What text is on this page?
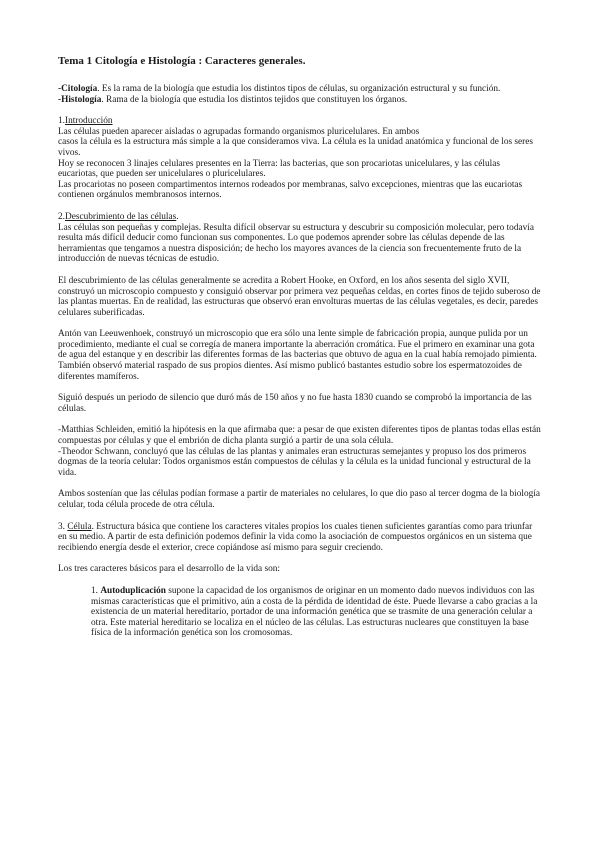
Tema 1 Citología e Histología : Caracteres generales.

-Citología. Es la rama de la biología que estudia los distintos tipos de células, su organización estructural y su función.

-Histología. Rama de la biología que estudia los distintos tejidos que constituyen los órganos.

1.Introducción

Las células pueden aparecer aisladas o agrupadas formando organismos pluricelulares. En ambos
casos la célula es la estructura más simple a la que consideramos viva. La célula es la unidad anatómica y funcional de los seres vivos.

Hoy se reconocen 3 linajes celulares presentes en la Tierra: las bacterias, que son procariotas unicelulares, y las células eucariotas, que pueden ser unicelulares o pluricelulares.

Las procariotas no poseen compartimentos internos rodeados por membranas, salvo excepciones, mientras que las eucariotas contienen orgánulos membranosos internos.

2.Descubrimiento de las células.

Las células son pequeñas y complejas. Resulta difícil observar su estructura y descubrir su composición molecular, pero todavía resulta más difícil deducir como funcionan sus componentes. Lo que podemos aprender sobre las células depende de las herramientas que tengamos a nuestra disposición; de hecho los mayores avances de la ciencia son frecuentemente fruto de la introducción de nuevas técnicas de estudio.

El descubrimiento de las células generalmente se acredita a Robert Hooke, en Oxford, en los años sesenta del siglo XVII, construyó un microscopio compuesto y consiguió observar por primera vez pequeñas celdas, en cortes finos de tejido suberoso de las plantas muertas. En de realidad, las estructuras que observó eran envolturas muertas de las células vegetales, es decir, paredes celulares suberificadas.

Antón van Leeuwenhoek, construyó un microscopio que era sólo una lente simple de fabricación propia, aunque pulida por un procedimiento, mediante el cual se corregía de manera importante la aberración cromática. Fue el primero en examinar una gota de agua del estanque y en describir las diferentes formas de las bacterias que obtuvo de agua en la cual había remojado pimienta. También observó material raspado de sus propios dientes. Así mismo publicó bastantes estudio sobre los espermatozoides de diferentes mamíferos.

Siguió después un periodo de silencio que duró más de 150 años y no fue hasta 1830 cuando se comprobó la importancia de las células.

-Matthias Schleiden, emitió la hipótesis en la que afirmaba que: a pesar de que existen diferentes tipos de plantas todas ellas están compuestas por células y que el embrión de dicha planta surgió a partir de una sola célula.

-Theodor Schwann, concluyó que las células de las plantas y animales eran estructuras semejantes y propuso los dos primeros dogmas de la teoría celular: Todos organismos están compuestos de células y la célula es la unidad funcional y estructural de la vida.

Ambos sostenían que las células podían formase a partir de materiales no celulares, lo que dio paso al tercer dogma de la biología celular, toda célula procede de otra célula.

3. Célula. Estructura básica que contiene los caracteres vitales propios los cuales tienen suficientes garantías como para triunfar en su medio. A partir de esta definición podemos definir la vida como la asociación de compuestos orgánicos en un sistema que recibiendo energía desde el exterior, crece copiándose así mismo para seguir creciendo.

Los tres caracteres básicos para el desarrollo de la vida son:

1. Autoduplicación supone la capacidad de los organismos de originar en un momento dado nuevos individuos con las mismas características que el primitivo, aún a costa de la pérdida de identidad de éste. Puede llevarse a cabo gracias a la existencia de un material hereditario, portador de una información genética que se trasmite de una generación celular a otra. Este material hereditario se localiza en el núcleo de las células. Las estructuras nucleares que constituyen la base física de la información genética son los cromosomas.
